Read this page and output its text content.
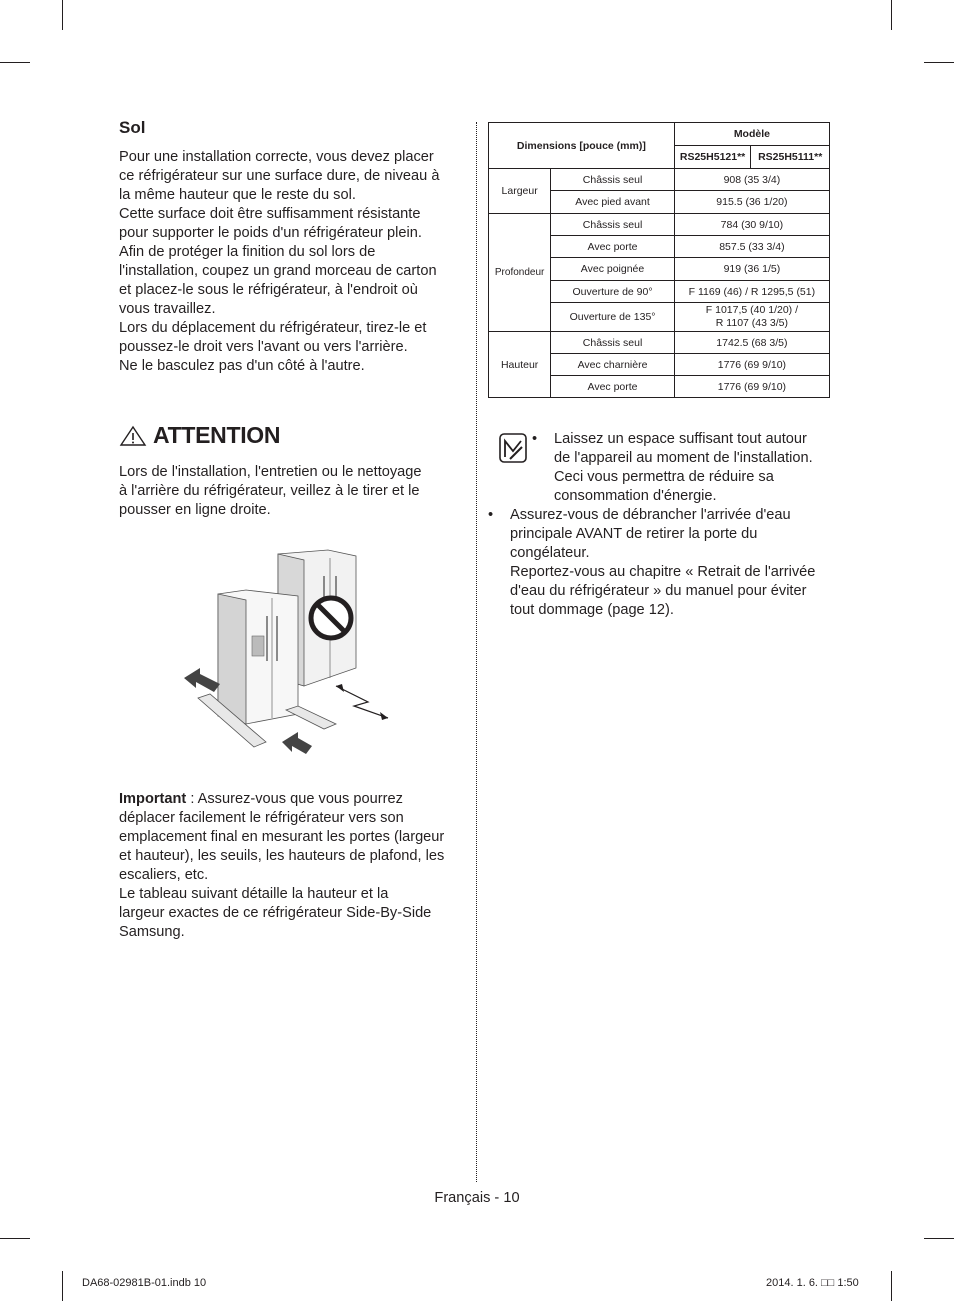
Sol

Pour une installation correcte, vous devez placer

ce réfrigérateur sur une surface dure, de niveau à

la même hauteur que le reste du sol.

Cette surface doit être suffisamment résistante

pour supporter le poids d'un réfrigérateur plein.

Afin de protéger la finition du sol lors de

l'installation, coupez un grand morceau de carton

et placez-le sous le réfrigérateur, à l'endroit où

vous travaillez.

Lors du déplacement du réfrigérateur, tirez-le et

poussez-le droit vers l'avant ou vers l'arrière.

Ne le basculez pas d'un côté à l'autre.

ATTENTION
Lors de l'installation, l'entretien ou le nettoyage
à l'arrière du réfrigérateur, veillez à le tirer et le
pousser en ligne droite.
Important : Assurez-vous que vous pourrez
déplacer facilement le réfrigérateur vers son
emplacement final en mesurant les portes (largeur
et hauteur), les seuils, les hauteurs de plafond, les
escaliers, etc.
Le tableau suivant détaille la hauteur et la
largeur exactes de ce réfrigérateur Side-By-Side
Samsung.
Dimensions [pouce (mm)]		Modèle	
		RS25H5121**	RS25H5111**
Largeur	Châssis seul	908 (35 3/4)	
	Avec pied avant	915.5 (36 1/20)	
Profondeur	Châssis seul	784 (30 9/10)	
	Avec porte	857.5 (33 3/4)	
	Avec poignée	919 (36 1/5)	
	Ouverture de 90°	F 1169 (46) / R 1295,5 (51)	
	Ouverture de 135°	F 1017,5 (40 1/20) /
R 1107 (43 3/5)	

Hauteur	Châssis seul	1742.5 (68 3/5)	
	Avec charnière	1776 (69 9/10)	
	Avec porte	1776 (69 9/10)	
•	Laissez un espace suffisant tout autour
de l'appareil au moment de l'installation.
Ceci vous permettra de réduire sa
consommation d'énergie.
•	Assurez-vous de débrancher l'arrivée d'eau
principale AVANT de retirer la porte du
congélateur.
Reportez-vous au chapitre « Retrait de l'arrivée
d'eau du réfrigérateur » du manuel pour éviter
tout dommage (page 12).
Français - 10
DA68-02981B-01.indb 10	2014. 1. 6. □□ 1:50
